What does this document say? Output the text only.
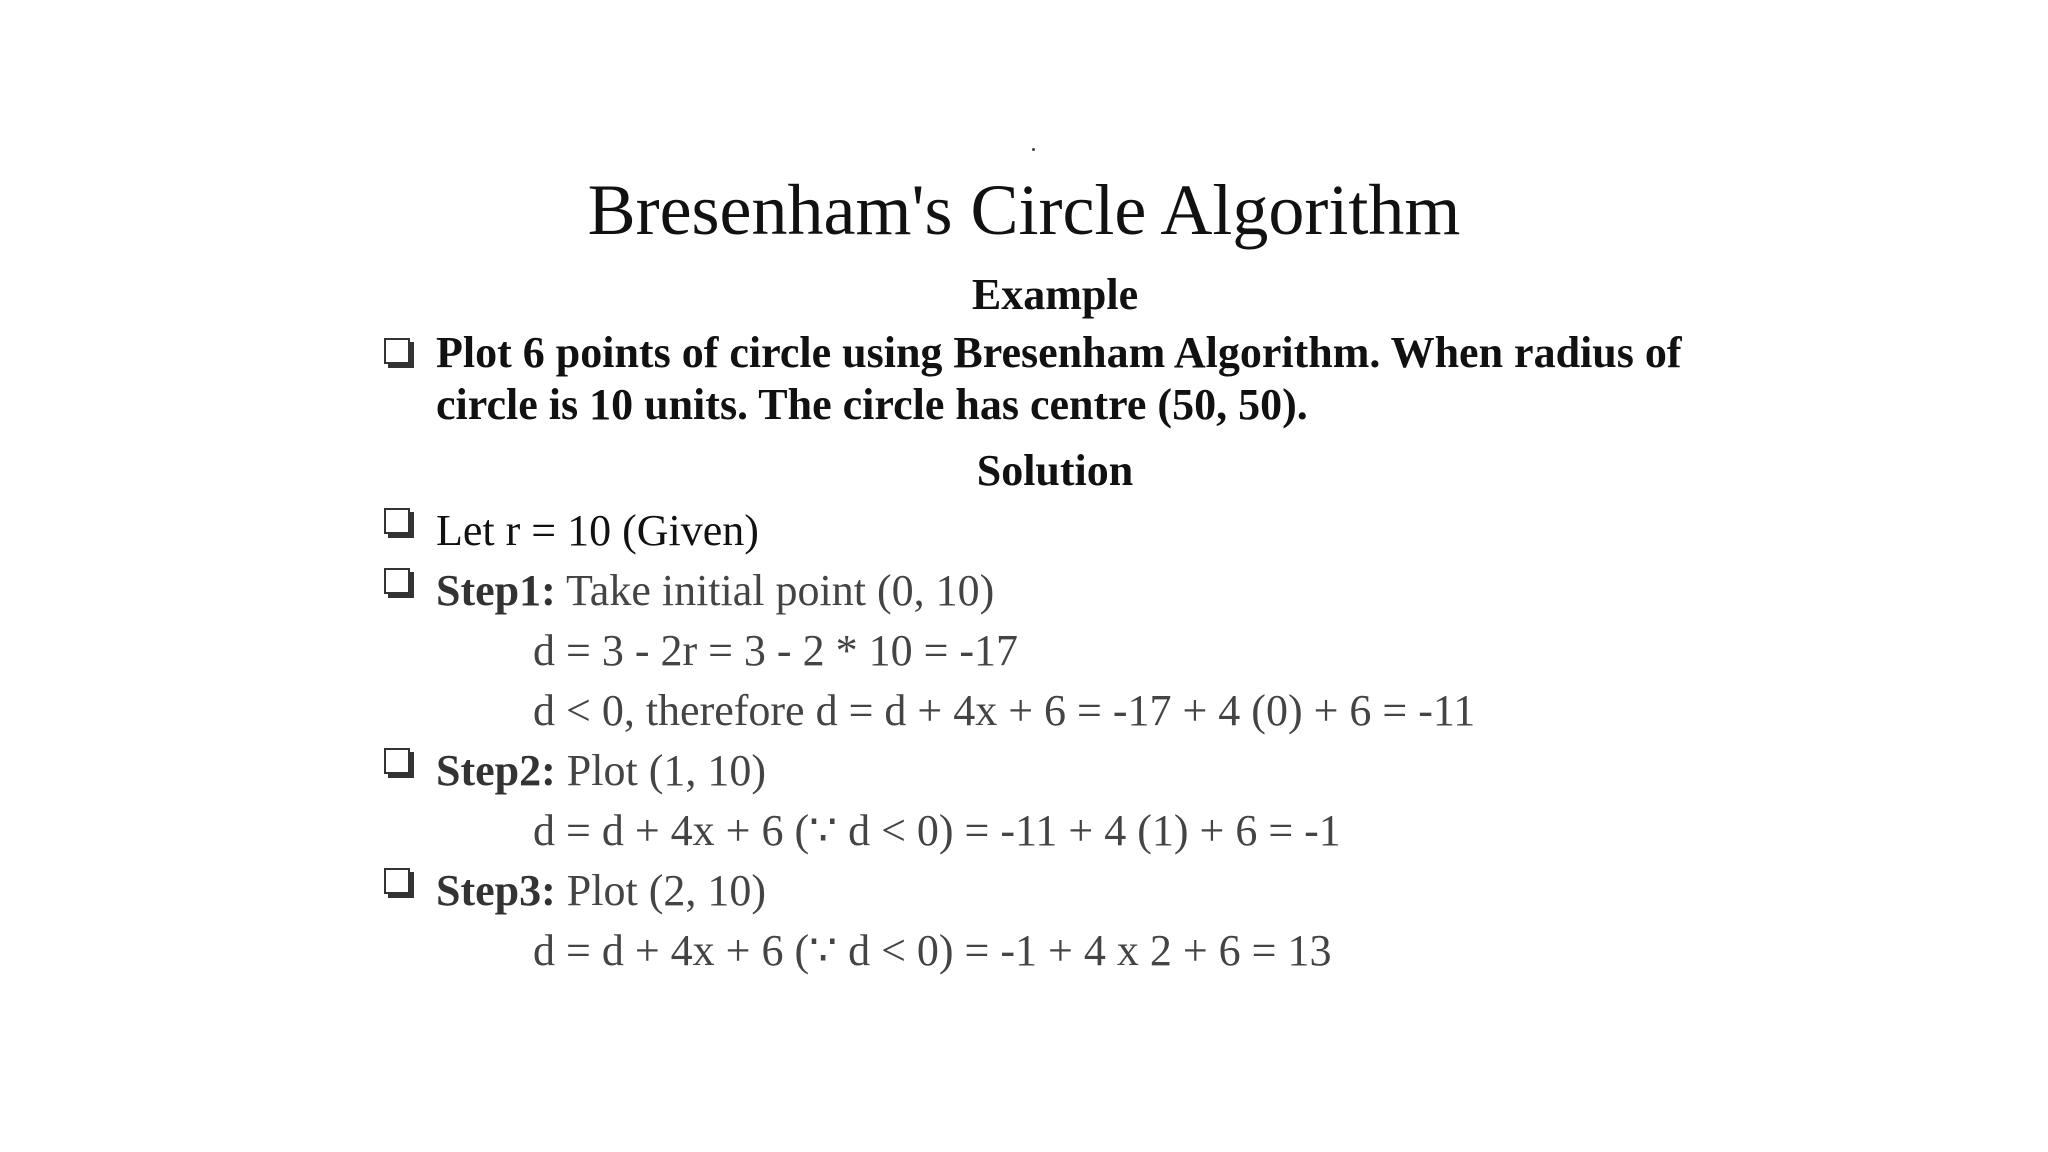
Bresenham's Circle Algorithm
Example
Plot 6 points of circle using Bresenham Algorithm. When radius of
circle is 10 units. The circle has centre (50, 50).
Solution
Let r = 10 (Given)
Step1: Take initial point (0, 10)
d = 3 - 2r = 3 - 2 * 10 = -17
d < 0, therefore d = d + 4x + 6 = -17 + 4 (0) + 6 = -11
Step2: Plot (1, 10)
d = d + 4x + 6 (∵ d < 0) = -11 + 4 (1) + 6 = -1
Step3: Plot (2, 10)
d = d + 4x + 6 (∵ d < 0) = -1 + 4 x 2 + 6 = 13
